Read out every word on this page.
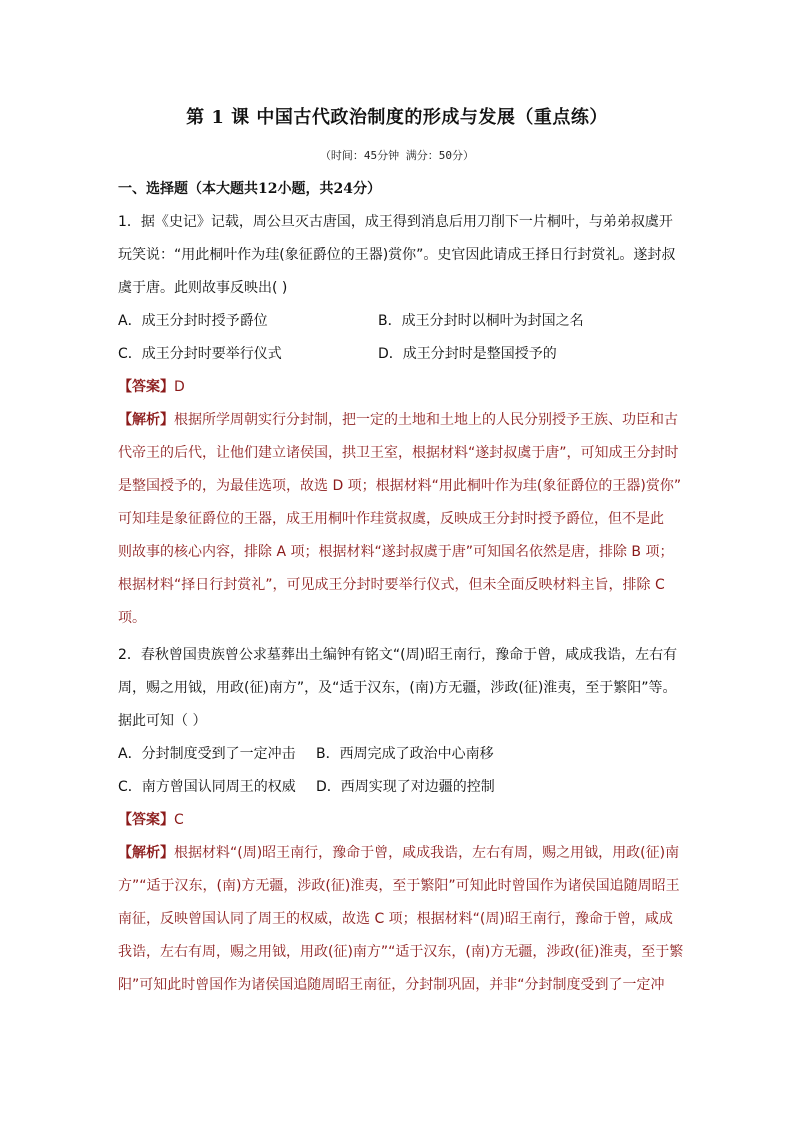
第 1 课 中国古代政治制度的形成与发展（重点练）
（时间：45分钟 满分：50分）
一、选择题（本大题共12小题，共24分）
1．据《史记》记载，周公旦灭古唐国，成王得到消息后用刀削下一片桐叶，与弟弟叔虞开
玩笑说：“用此桐叶作为珪(象征爵位的王器)赏你”。史官因此请成王择日行封赏礼。遂封叔
虞于唐。此则故事反映出( )
A．成王分封时授予爵位	B．成王分封时以桐叶为封国之名
C．成王分封时要举行仪式	D．成王分封时是整国授予的
【答案】D
【解析】根据所学周朝实行分封制，把一定的土地和土地上的人民分别授予王族、功臣和古
代帝王的后代，让他们建立诸侯国，拱卫王室，根据材料“遂封叔虞于唐”，可知成王分封时
是整国授予的，为最佳选项，故选 D 项；根据材料“用此桐叶作为珪(象征爵位的王器)赏你”
可知珪是象征爵位的王器，成王用桐叶作珪赏叔虞，反映成王分封时授予爵位，但不是此
则故事的核心内容，排除 A 项；根据材料“遂封叔虞于唐”可知国名依然是唐，排除 B 项；
根据材料“择日行封赏礼”，可见成王分封时要举行仪式，但未全面反映材料主旨，排除 C
项。
2．春秋曾国贵族曾公求墓葬出土编钟有铭文“(周)昭王南行，豫命于曾，咸成我诰，左右有
周，赐之用钺，用政(征)南方”，及“适于汉东，(南)方无疆，涉政(征)淮夷，至于繁阳”等。
据此可知（ ）
A．分封制度受到了一定冲击 B．西周完成了政治中心南移
C．南方曾国认同周王的权威 D．西周实现了对边疆的控制
【答案】C
【解析】根据材料“(周)昭王南行，豫命于曾，咸成我诰，左右有周，赐之用钺，用政(征)南
方”“适于汉东，(南)方无疆，涉政(征)淮夷，至于繁阳”可知此时曾国作为诸侯国追随周昭王
南征，反映曾国认同了周王的权威，故选 C 项；根据材料“(周)昭王南行，豫命于曾，咸成
我诰，左右有周，赐之用钺，用政(征)南方”“适于汉东，(南)方无疆，涉政(征)淮夷，至于繁
阳”可知此时曾国作为诸侯国追随周昭王南征，分封制巩固，并非“分封制度受到了一定冲
